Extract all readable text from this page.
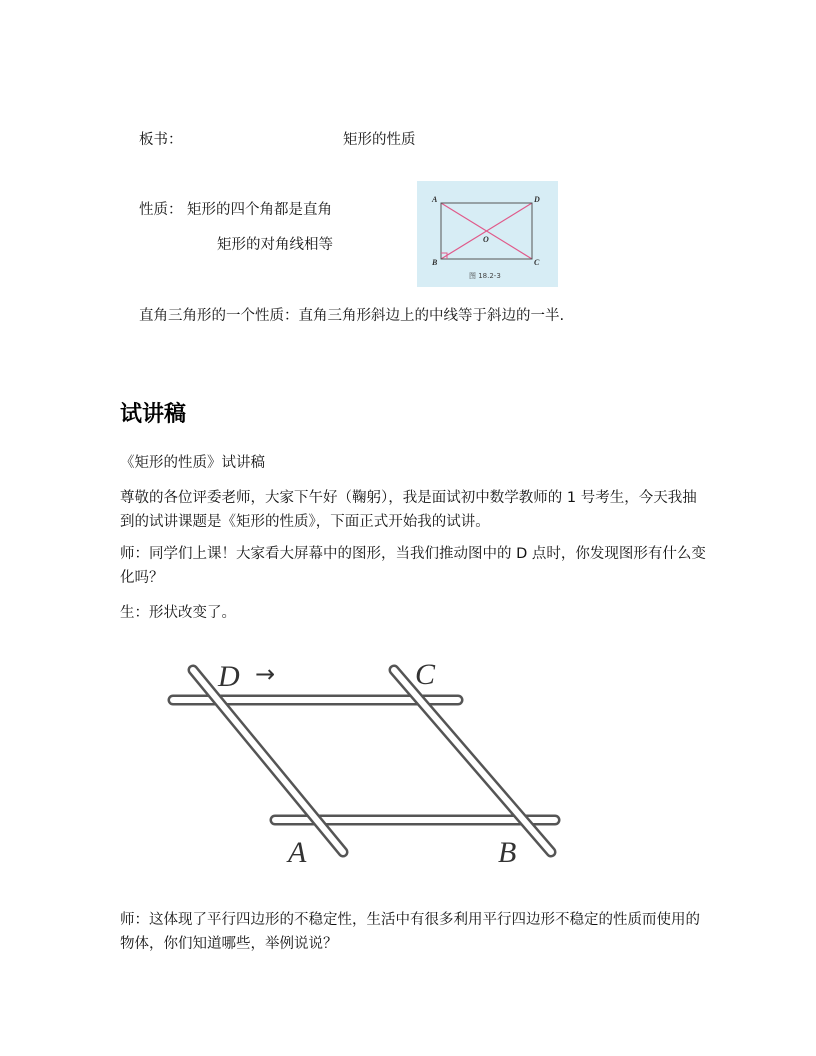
板书：	矩形的性质
性质： 矩形的四个角都是直角
矩形的对角线相等
A	D
B	C
O
图 18.2-3
直角三角形的一个性质：直角三角形斜边上的中线等于斜边的一半.
试讲稿
《矩形的性质》试讲稿
尊敬的各位评委老师，大家下午好（鞠躬），我是面试初中数学教师的 1 号考生，今天我抽到的试讲课题是《矩形的性质》，下面正式开始我的试讲。
师：同学们上课！大家看大屏幕中的图形，当我们推动图中的 D 点时，你发现图形有什么变化吗？
生：形状改变了。
D →	C
A	B
师：这体现了平行四边形的不稳定性，生活中有很多利用平行四边形不稳定的性质而使用的物体，你们知道哪些，举例说说？
